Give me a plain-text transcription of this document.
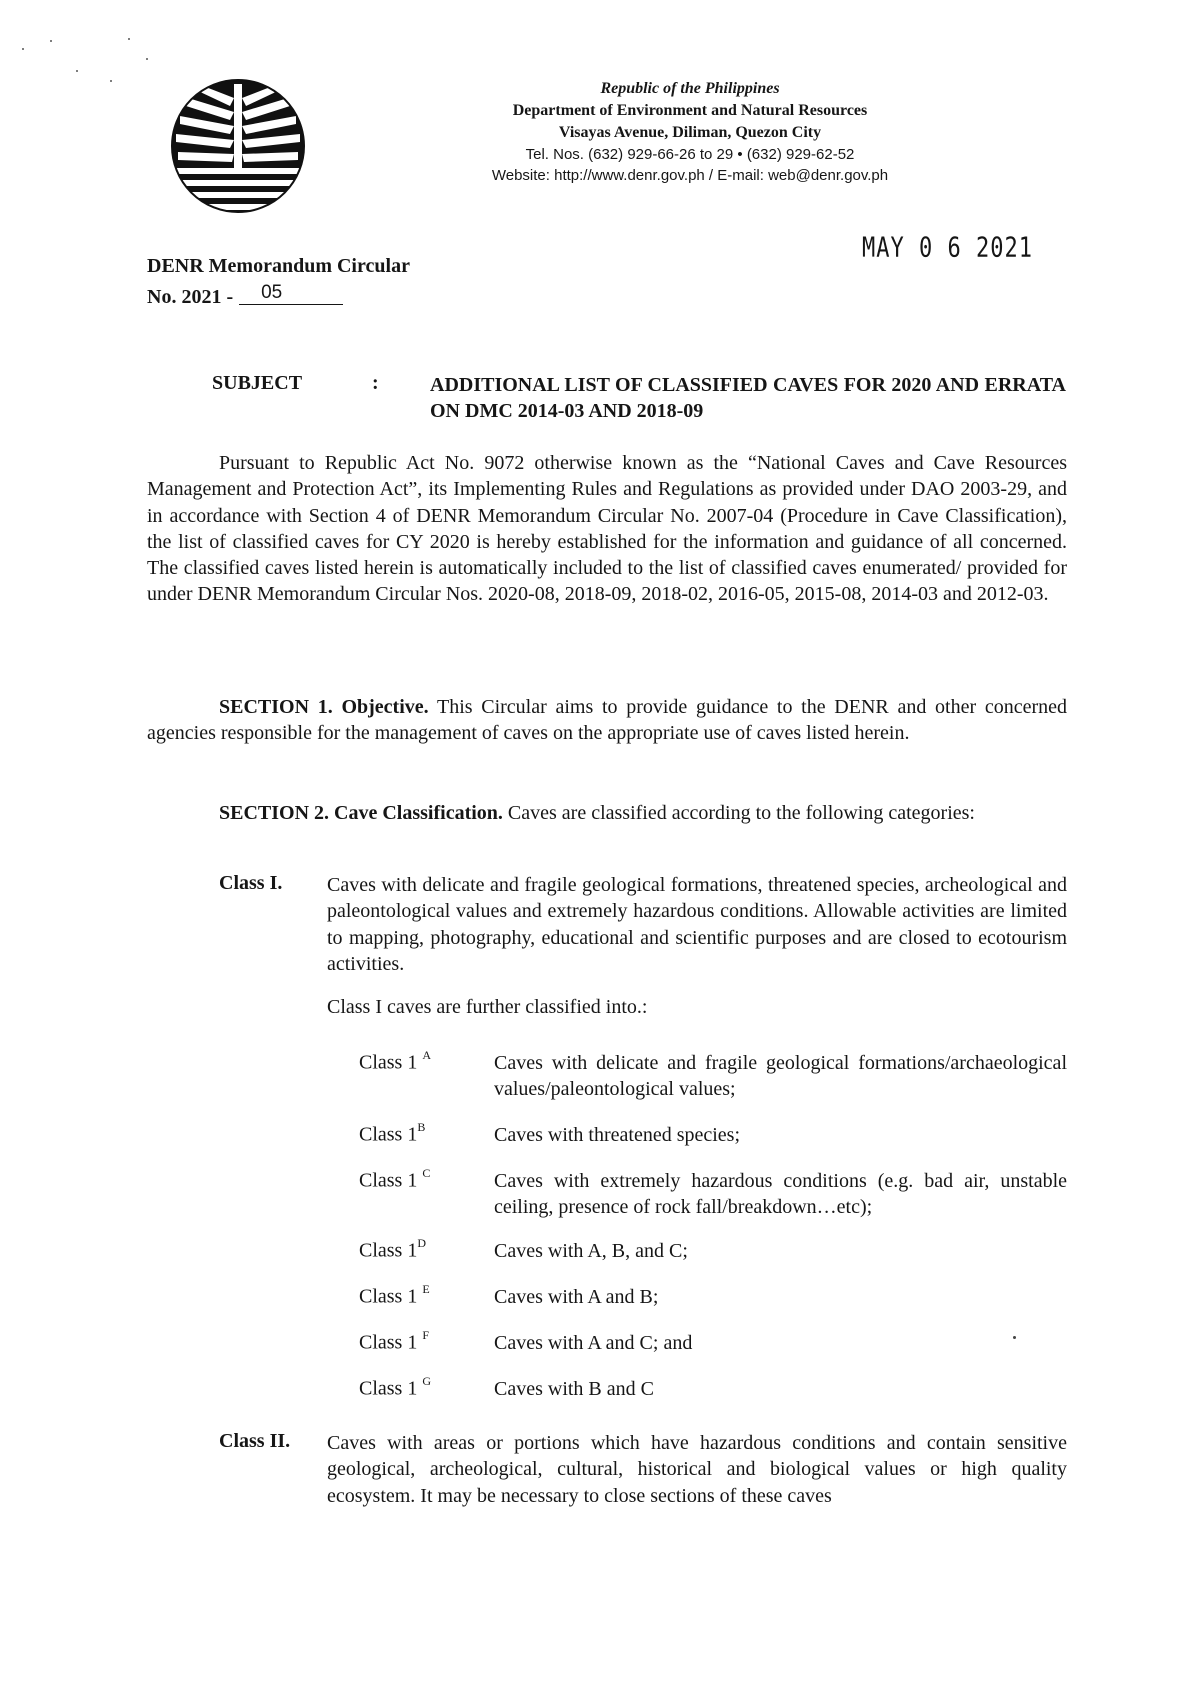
Republic of the Philippines
Department of Environment and Natural Resources
Visayas Avenue, Diliman, Quezon City
Tel. Nos. (632) 929-66-26 to 29 • (632) 929-62-52
Website: http://www.denr.gov.ph / E-mail: web@denr.gov.ph
MAY 0 6 2021
DENR Memorandum Circular
No. 2021 - 05
SUBJECT	:	ADDITIONAL LIST OF CLASSIFIED CAVES FOR 2020 AND ERRATA ON DMC 2014-03 AND 2018-09
Pursuant to Republic Act No. 9072 otherwise known as the “National Caves and Cave Resources Management and Protection Act”, its Implementing Rules and Regulations as provided under DAO 2003-29, and in accordance with Section 4 of DENR Memorandum Circular No. 2007-04 (Procedure in Cave Classification), the list of classified caves for CY 2020 is hereby established for the information and guidance of all concerned. The classified caves listed herein is automatically included to the list of classified caves enumerated/ provided for under DENR Memorandum Circular Nos. 2020-08, 2018-09, 2018-02, 2016-05, 2015-08, 2014-03 and 2012-03.
SECTION 1. Objective. This Circular aims to provide guidance to the DENR and other concerned agencies responsible for the management of caves on the appropriate use of caves listed herein.
SECTION 2. Cave Classification. Caves are classified according to the following categories:
Class I. Caves with delicate and fragile geological formations, threatened species, archeological and paleontological values and extremely hazardous conditions. Allowable activities are limited to mapping, photography, educational and scientific purposes and are closed to ecotourism activities.
Class I caves are further classified into.:
Class 1 $^A$	Caves with delicate and fragile geological formations/archaeological values/paleontological values;
Class $1^B$	Caves with threatened species;
Class 1 $^C$	Caves with extremely hazardous conditions (e.g. bad air, unstable ceiling, presence of rock fall/breakdown…etc);
Class $1^D$	Caves with A, B, and C;
Class 1 $^E$	Caves with A and B;
Class 1 $^F$	Caves with A and C; and
Class 1 $^G$	Caves with B and C
Class II. Caves with areas or portions which have hazardous conditions and contain sensitive geological, archeological, cultural, historical and biological values or high quality ecosystem. It may be necessary to close sections of these caves
